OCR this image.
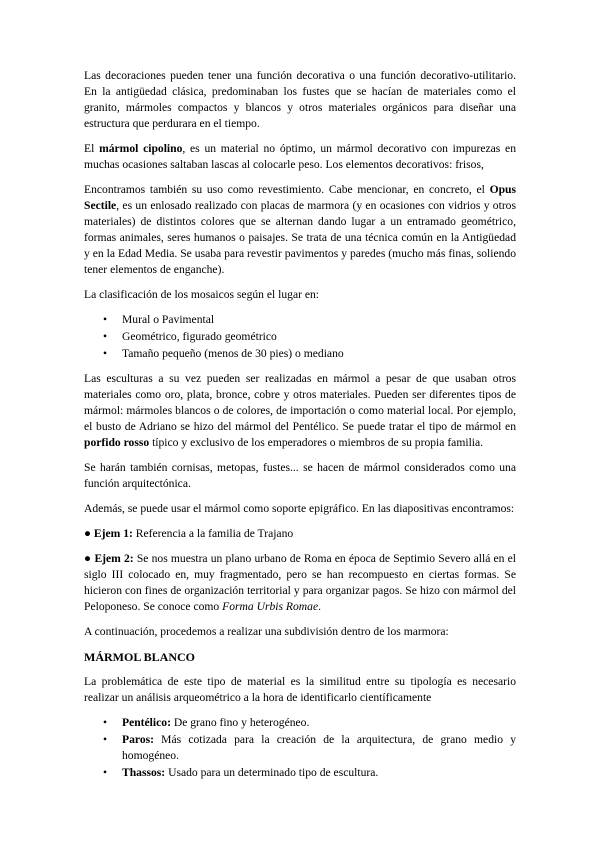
Las decoraciones pueden tener una función decorativa o una función decorativo-utilitario. En la antigüedad clásica, predominaban los fustes que se hacían de materiales como el granito, mármoles compactos y blancos y otros materiales orgánicos para diseñar una estructura que perdurara en el tiempo.

El mármol cipolino, es un material no óptimo, un mármol decorativo con impurezas en muchas ocasiones saltaban lascas al colocarle peso. Los elementos decorativos: frisos,

Encontramos también su uso como revestimiento. Cabe mencionar, en concreto, el Opus Sectile, es un enlosado realizado con placas de marmora (y en ocasiones con vidrios y otros materiales) de distintos colores que se alternan dando lugar a un entramado geométrico, formas animales, seres humanos o paisajes. Se trata de una técnica común en la Antigüedad y en la Edad Media. Se usaba para revestir pavimentos y paredes (mucho más finas, soliendo tener elementos de enganche).

La clasificación de los mosaicos según el lugar en:

• Mural o Pavimental
• Geométrico, figurado geométrico
• Tamaño pequeño (menos de 30 pies) o mediano

Las esculturas a su vez pueden ser realizadas en mármol a pesar de que usaban otros materiales como oro, plata, bronce, cobre y otros materiales. Pueden ser diferentes tipos de mármol: mármoles blancos o de colores, de importación o como material local. Por ejemplo, el busto de Adriano se hizo del mármol del Pentélico. Se puede tratar el tipo de mármol en porfido rosso típico y exclusivo de los emperadores o miembros de su propia familia.

Se harán también cornisas, metopas, fustes... se hacen de mármol considerados como una función arquitectónica.

Además, se puede usar el mármol como soporte epigráfico. En las diapositivas encontramos:

● Ejem 1: Referencia a la familia de Trajano

● Ejem 2: Se nos muestra un plano urbano de Roma en época de Septimio Severo allá en el siglo III colocado en, muy fragmentado, pero se han recompuesto en ciertas formas. Se hicieron con fines de organización territorial y para organizar pagos. Se hizo con mármol del Peloponeso. Se conoce como Forma Urbis Romae.

A continuación, procedemos a realizar una subdivisión dentro de los marmora:

MÁRMOL BLANCO

La problemática de este tipo de material es la similitud entre su tipología es necesario realizar un análisis arqueométrico a la hora de identificarlo científicamente

• Pentélico: De grano fino y heterogéneo.
• Paros: Más cotizada para la creación de la arquitectura, de grano medio y homogéneo.
• Thassos: Usado para un determinado tipo de escultura.
